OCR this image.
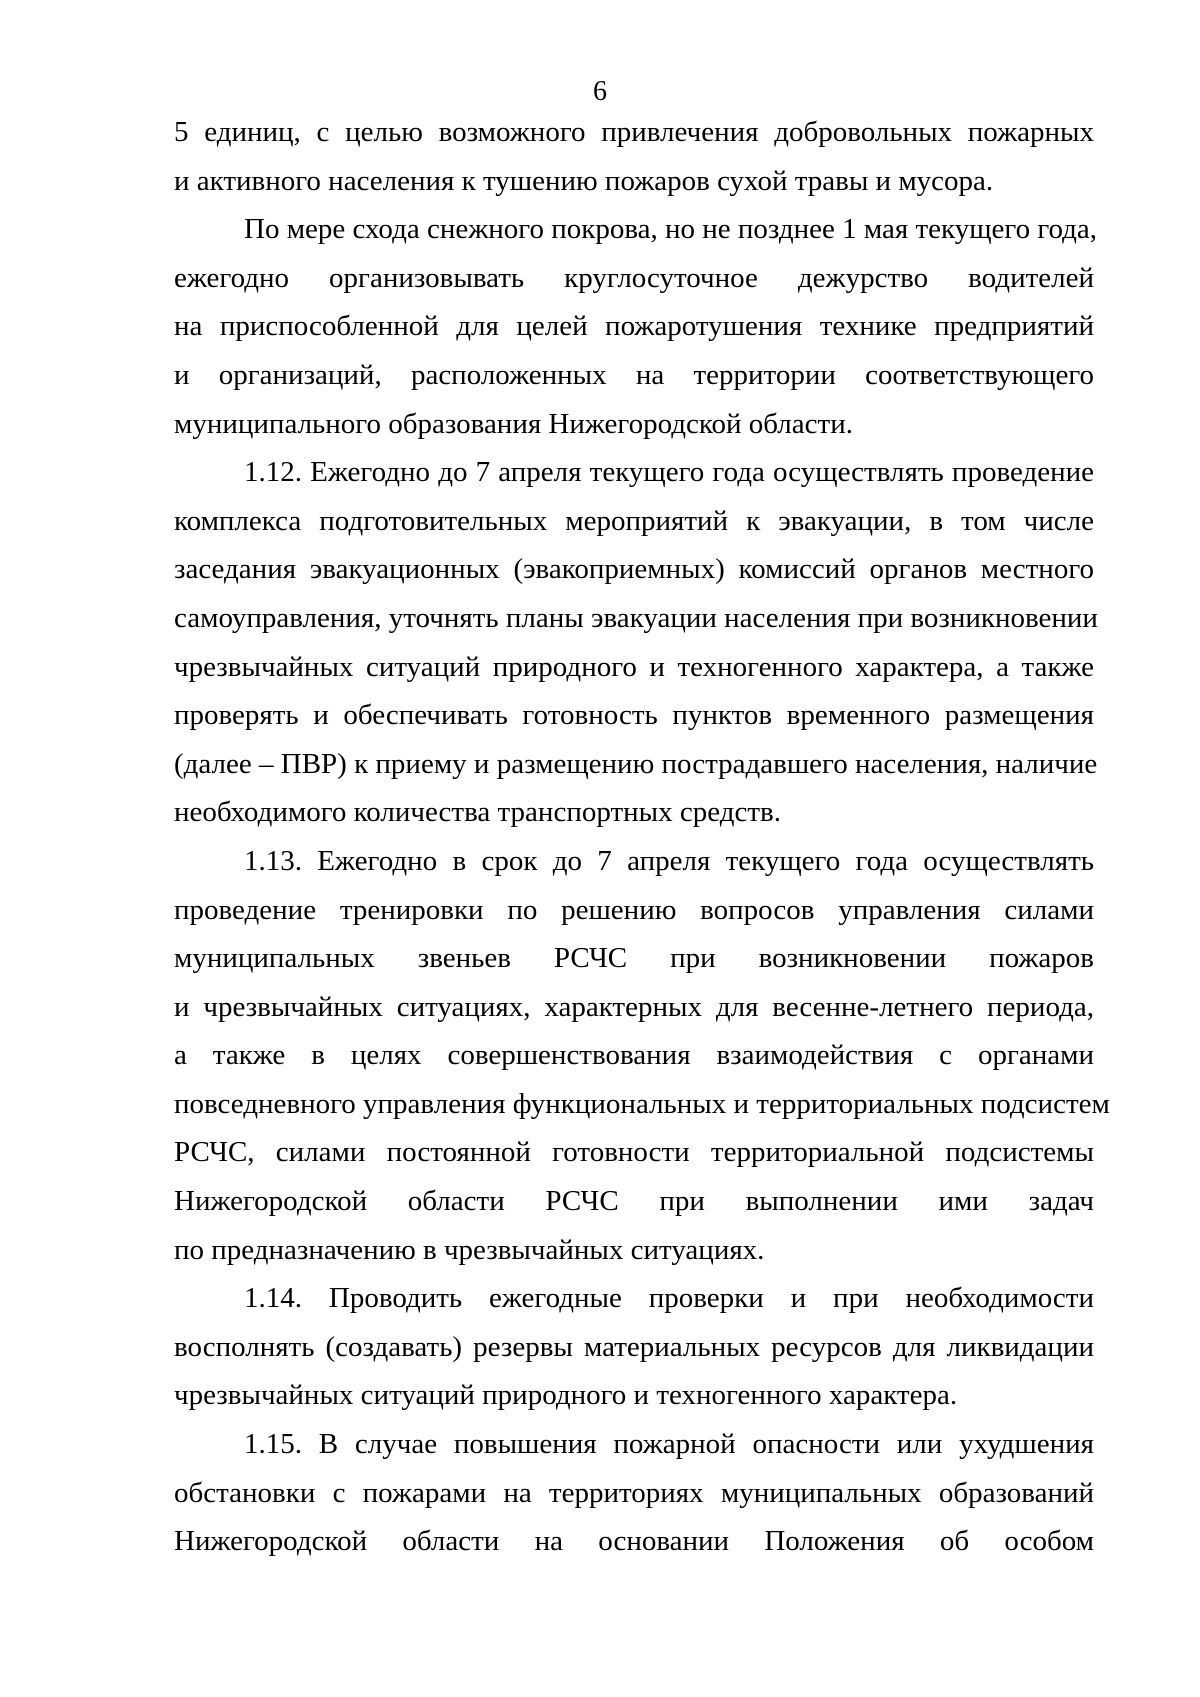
6
5 единиц, с целью возможного привлечения добровольных пожарных
и активного населения к тушению пожаров сухой травы и мусора.
По мере схода снежного покрова, но не позднее 1 мая текущего года,
ежегодно организовывать круглосуточное дежурство водителей
на приспособленной для целей пожаротушения технике предприятий
и организаций, расположенных на территории соответствующего
муниципального образования Нижегородской области.
1.12. Ежегодно до 7 апреля текущего года осуществлять проведение
комплекса подготовительных мероприятий к эвакуации, в том числе
заседания эвакуационных (эвакоприемных) комиссий органов местного
самоуправления, уточнять планы эвакуации населения при возникновении
чрезвычайных ситуаций природного и техногенного характера, а также
проверять и обеспечивать готовность пунктов временного размещения
(далее – ПВР) к приему и размещению пострадавшего населения, наличие
необходимого количества транспортных средств.
1.13. Ежегодно в срок до 7 апреля текущего года осуществлять
проведение тренировки по решению вопросов управления силами
муниципальных звеньев РСЧС при возникновении пожаров
и чрезвычайных ситуациях, характерных для весенне-летнего периода,
а также в целях совершенствования взаимодействия с органами
повседневного управления функциональных и территориальных подсистем
РСЧС, силами постоянной готовности территориальной подсистемы
Нижегородской области РСЧС при выполнении ими задач
по предназначению в чрезвычайных ситуациях.
1.14. Проводить ежегодные проверки и при необходимости
восполнять (создавать) резервы материальных ресурсов для ликвидации
чрезвычайных ситуаций природного и техногенного характера.
1.15. В случае повышения пожарной опасности или ухудшения
обстановки с пожарами на территориях муниципальных образований
Нижегородской области на основании Положения об особом
